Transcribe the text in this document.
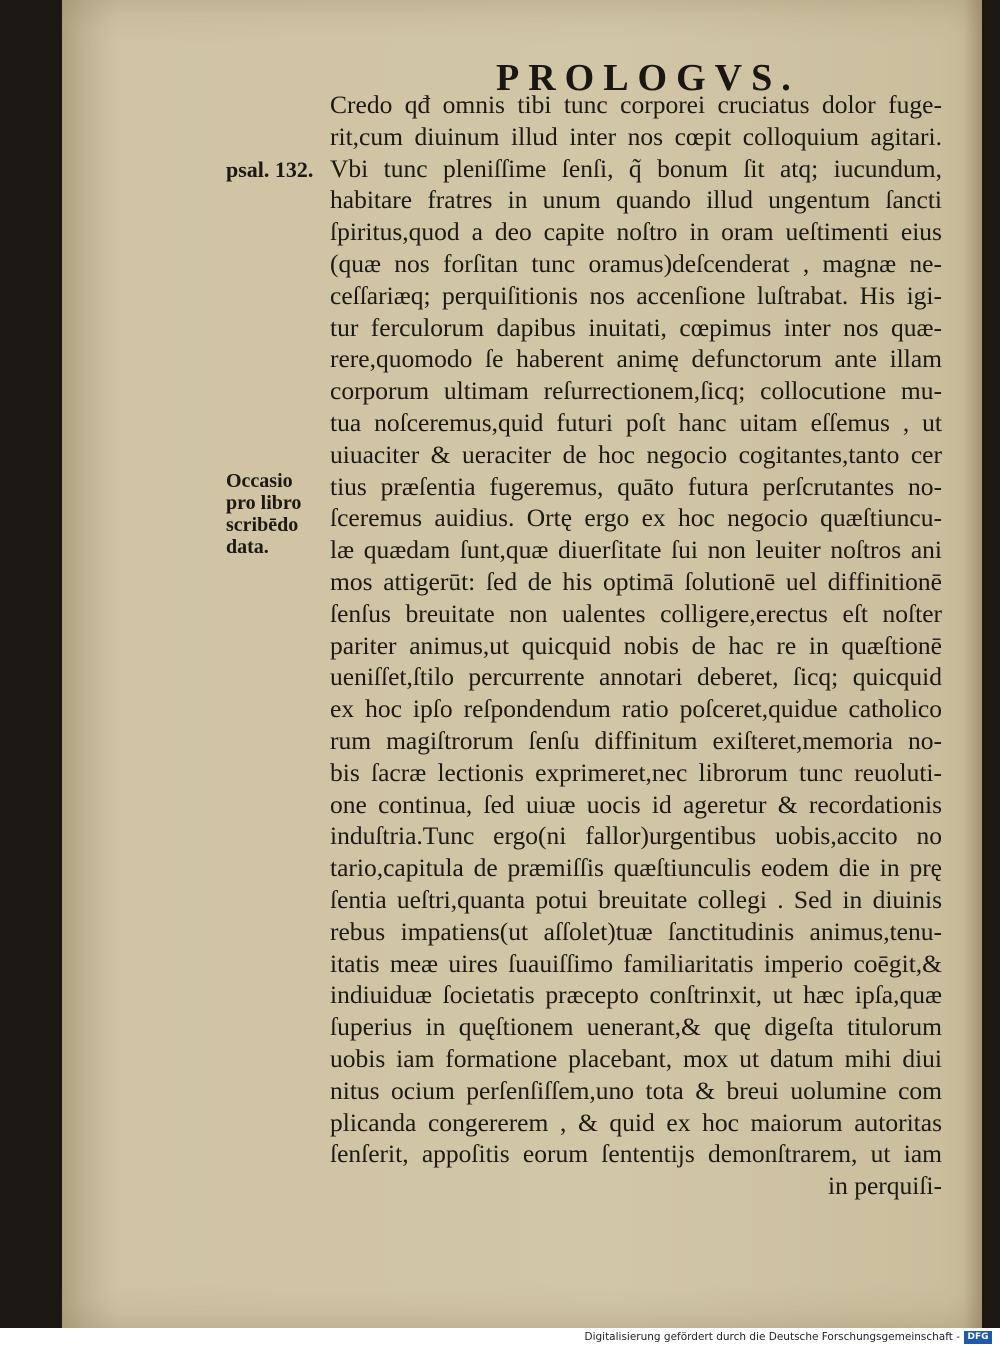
PROLOGVS.
psal. 132.
Occasio
pro libro
scribēdo
data.
Credo qđ omnis tibi tunc corporei cruciatus dolor fuge-
rit,cum diuinum illud inter nos cœpit colloquium agitari.
Vbi tunc pleniſſime ſenſi, q̃ bonum ſit atq; iucundum,
habitare fratres in unum quando illud ungentum ſancti
ſpiritus,quod a deo capite noſtro in oram ueſtimenti eius
(quæ nos forſitan tunc oramus)deſcenderat , magnæ ne-
ceſſariæq; perquiſitionis nos accenſione luſtrabat. His igi-
tur ferculorum dapibus inuitati, cœpimus inter nos quæ-
rere,quomodo ſe haberent animę defunctorum ante illam
corporum ultimam reſurrectionem,ſicq; collocutione mu-
tua noſceremus,quid futuri poſt hanc uitam eſſemus , ut
uiuaciter & ueraciter de hoc negocio cogitantes,tanto cer
tius præſentia fugeremus, quāto futura perſcrutantes no-
ſceremus auidius. Ortę ergo ex hoc negocio quæſtiuncu-
læ quædam ſunt,quæ diuerſitate ſui non leuiter noſtros ani
mos attigerūt: ſed de his optimā ſolutionē uel diffinitionē
ſenſus breuitate non ualentes colligere,erectus eſt noſter
pariter animus,ut quicquid nobis de hac re in quæſtionē
ueniſſet,ſtilo percurrente annotari deberet, ſicq; quicquid
ex hoc ipſo reſpondendum ratio poſceret,quidue catholico
rum magiſtrorum ſenſu diffinitum exiſteret,memoria no-
bis ſacræ lectionis exprimeret,nec librorum tunc reuoluti-
one continua, ſed uiuæ uocis id ageretur & recordationis
induſtria.Tunc ergo(ni fallor)urgentibus uobis,accito no
tario,capitula de præmiſſis quæſtiunculis eodem die in prę
ſentia ueſtri,quanta potui breuitate collegi . Sed in diuinis
rebus impatiens(ut aſſolet)tuæ ſanctitudinis animus,tenu-
itatis meæ uires ſuauiſſimo familiaritatis imperio coēgit,&
indiuiduæ ſocietatis præcepto conſtrinxit, ut hæc ipſa,quæ
ſuperius in quęſtionem uenerant,& quę digeſta titulorum
uobis iam formatione placebant, mox ut datum mihi diui
nitus ocium perſenſiſſem,uno tota & breui uolumine com
plicanda congererem , & quid ex hoc maiorum autoritas
ſenſerit, appoſitis eorum ſententijs demonſtrarem, ut iam
in perquiſi-
Digitalisierung gefördert durch die Deutsche Forschungsgemeinschaft - DFG
